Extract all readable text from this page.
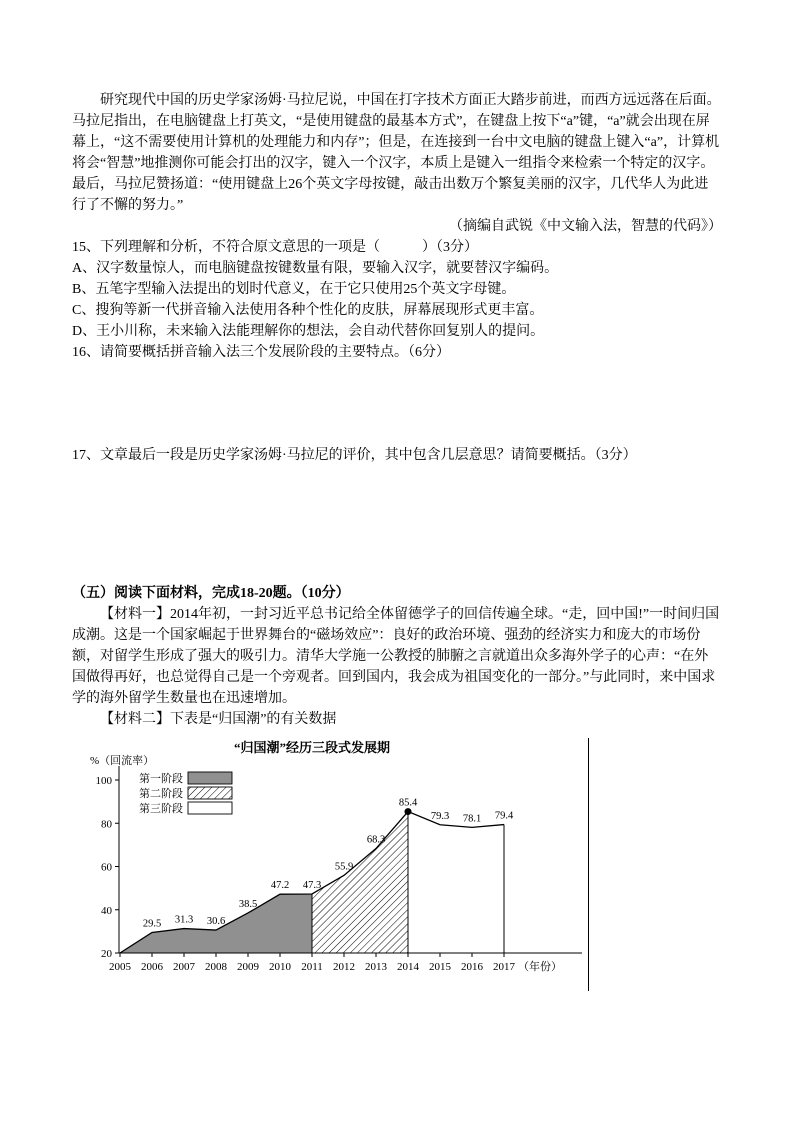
研究现代中国的历史学家汤姆·马拉尼说，中国在打字技术方面正大踏步前进，而西方远远落在后面。马拉尼指出，在电脑键盘上打英文，“是使用键盘的最基本方式”，在键盘上按下“a”键，“a”就会出现在屏幕上，“这不需要使用计算机的处理能力和内存”；但是，在连接到一台中文电脑的键盘上键入“a”，计算机将会“智慧”地推测你可能会打出的汉字，键入一个汉字，本质上是键入一组指令来检索一个特定的汉字。最后，马拉尼赞扬道：“使用键盘上26个英文字母按键，敲击出数万个繁复美丽的汉字，几代华人为此进行了不懈的努力。”

（摘编自武锐《中文输入法，智慧的代码》）

15、下列理解和分析，不符合原文意思的一项是（　　　）（3分）

A、汉字数量惊人，而电脑键盘按键数量有限，要输入汉字，就要替汉字编码。

B、五笔字型输入法提出的划时代意义，在于它只使用25个英文字母键。

C、搜狗等新一代拼音输入法使用各种个性化的皮肤，屏幕展现形式更丰富。

D、王小川称，未来输入法能理解你的想法，会自动代替你回复别人的提问。

16、请简要概括拼音输入法三个发展阶段的主要特点。（6分）

17、文章最后一段是历史学家汤姆·马拉尼的评价，其中包含几层意思？请简要概括。（3分）

（五）阅读下面材料，完成18-20题。（10分）

【材料一】2014年初，一封习近平总书记给全体留德学子的回信传遍全球。“走，回中国!”一时间归国成潮。这是一个国家崛起于世界舞台的“磁场效应”：良好的政治环境、强劲的经济实力和庞大的市场份额，对留学生形成了强大的吸引力。清华大学施一公教授的肺腑之言就道出众多海外学子的心声：“在外国做得再好，也总觉得自己是一个旁观者。回到国内，我会成为祖国变化的一部分。”与此同时，来中国求学的海外留学生数量也在迅速增加。

【材料二】下表是“归国潮”的有关数据

20
40
60
80
100
2005 2006 2007 2008 2009 2010 2011 2012 2013 2014 2015 2016 2017 （年份）
%（回流率）
“归国潮”经历三段式发展期
第一阶段
第二阶段
第三阶段
29.5 31.3 30.6
38.5
47.2 47.3
55.9
68.3
85.4
79.3 78.1 79.4
